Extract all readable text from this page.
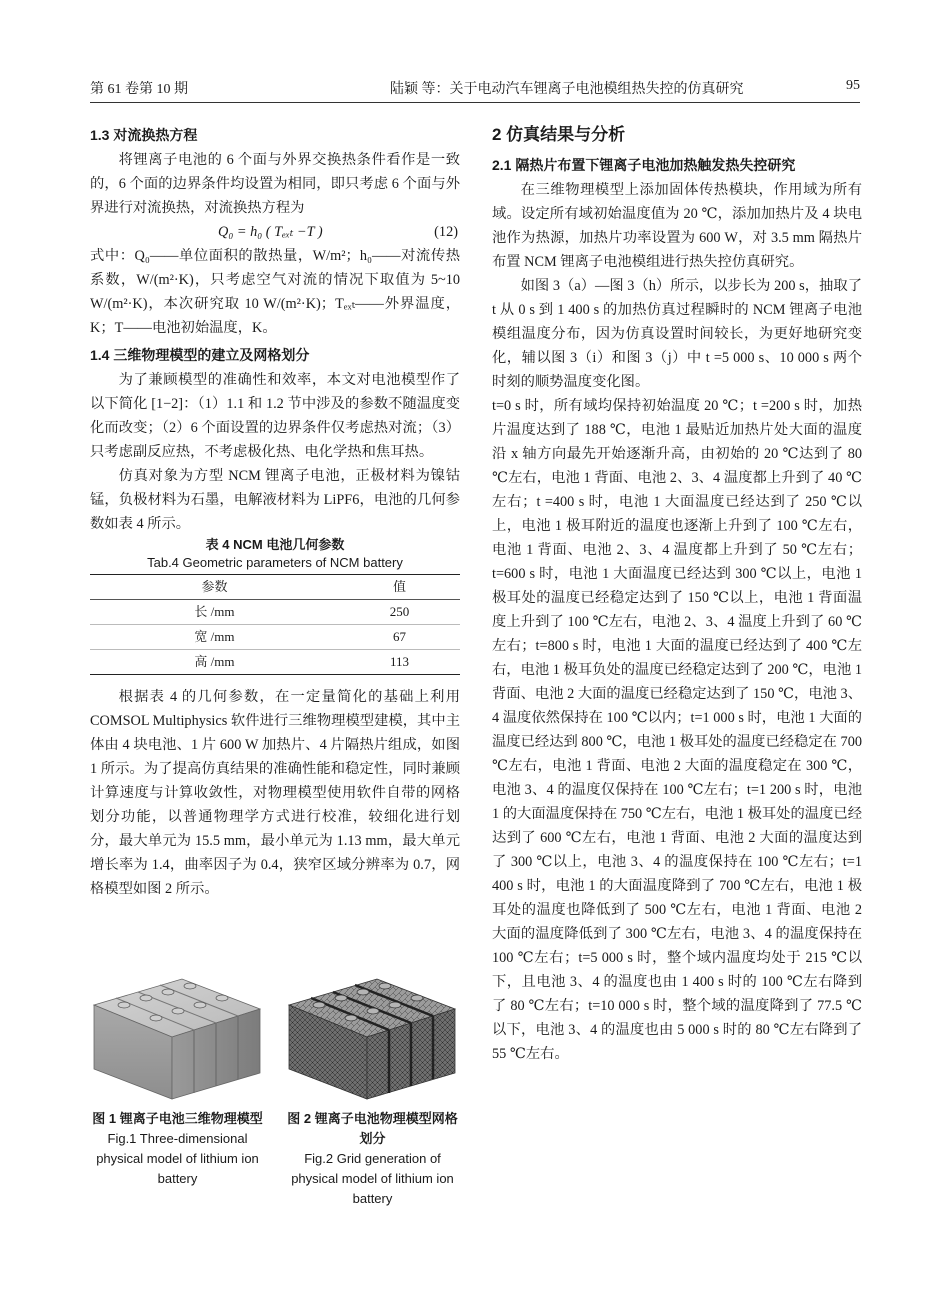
第 61 卷第 10 期	陆颖 等：关于电动汽车锂离子电池模组热失控的仿真研究	95
1.3 对流换热方程

将锂离子电池的 6 个面与外界交换热条件看作是一致的，6 个面的边界条件均设置为相同，即只考虑 6 个面与外界进行对流换热，对流换热方程为

Q₀ = h₀ ( Tₑₓₜ −T )	(12)

式中：Q₀——单位面积的散热量，W/m²；h₀——对流传热系数，W/(m²·K)，只考虑空气对流的情况下取值为 5~10 W/(m²·K)，本次研究取 10 W/(m²·K)；Tₑₓₜ——外界温度，K；T——电池初始温度，K。

1.4 三维物理模型的建立及网格划分

为了兼顾模型的准确性和效率，本文对电池模型作了以下简化 [1−2]：（1）1.1 和 1.2 节中涉及的参数不随温度变化而改变；（2）6 个面设置的边界条件仅考虑热对流；（3）只考虑副反应热，不考虑极化热、电化学热和焦耳热。

仿真对象为方型 NCM 锂离子电池，正极材料为镍钴锰，负极材料为石墨，电解液材料为 LiPF6，电池的几何参数如表 4 所示。

表 4 NCM 电池几何参数
Tab.4 Geometric parameters of NCM battery
参数	值
长 /mm	250
宽 /mm	67
高 /mm	113

根据表 4 的几何参数，在一定量简化的基础上利用 COMSOL Multiphysics 软件进行三维物理模型建模，其中主体由 4 块电池、1 片 600 W 加热片、4 片隔热片组成，如图 1 所示。为了提高仿真结果的准确性能和稳定性，同时兼顾计算速度与计算收敛性，对物理模型使用软件自带的网格划分功能，以普通物理学方式进行校准，较细化进行划分，最大单元为 15.5 mm，最小单元为 1.13 mm，最大单元增长率为 1.4，曲率因子为 0.4，狭窄区域分辨率为 0.7，网格模型如图 2 所示。

图 1 锂离子电池三维物理模型
Fig.1 Three-dimensional physical model of lithium ion battery
图 2 锂离子电池物理模型网格划分
Fig.2 Grid generation of physical model of lithium ion battery
2 仿真结果与分析
2.1 隔热片布置下锂离子电池加热触发热失控研究

在三维物理模型上添加固体传热模块，作用域为所有域。设定所有域初始温度值为 20 ℃，添加加热片及 4 块电池作为热源，加热片功率设置为 600 W，对 3.5 mm 隔热片布置 NCM 锂离子电池模组进行热失控仿真研究。

如图 3（a）—图 3（h）所示，以步长为 200 s，抽取了 t 从 0 s 到 1 400 s 的加热仿真过程瞬时的 NCM 锂离子电池模组温度分布，因为仿真设置时间较长，为更好地研究变化，辅以图 3（i）和图 3（j）中 t =5 000 s、10 000 s 两个时刻的顺势温度变化图。

t=0 s 时，所有域均保持初始温度 20 ℃；t =200 s 时，加热片温度达到了 188 ℃，电池 1 最贴近加热片处大面的温度沿 x 轴方向最先开始逐渐升高，由初始的 20 ℃达到了 80 ℃左右，电池 1 背面、电池 2、3、4 温度都上升到了 40 ℃左右；t =400 s 时，电池 1 大面温度已经达到了 250 ℃以上，电池 1 极耳附近的温度也逐渐上升到了 100 ℃左右，电池 1 背面、电池 2、3、4 温度都上升到了 50 ℃左右；t=600 s 时，电池 1 大面温度已经达到 300 ℃以上，电池 1 极耳处的温度已经稳定达到了 150 ℃以上，电池 1 背面温度上升到了 100 ℃左右，电池 2、3、4 温度上升到了 60 ℃左右；t=800 s 时，电池 1 大面的温度已经达到了 400 ℃左右，电池 1 极耳负处的温度已经稳定达到了 200 ℃，电池 1 背面、电池 2 大面的温度已经稳定达到了 150 ℃，电池 3、4 温度依然保持在 100 ℃以内；t=1 000 s 时，电池 1 大面的温度已经达到 800 ℃，电池 1 极耳处的温度已经稳定在 700 ℃左右，电池 1 背面、电池 2 大面的温度稳定在 300 ℃，电池 3、4 的温度仅保持在 100 ℃左右；t=1 200 s 时，电池 1 的大面温度保持在 750 ℃左右，电池 1 极耳处的温度已经达到了 600 ℃左右，电池 1 背面、电池 2 大面的温度达到了 300 ℃以上，电池 3、4 的温度保持在 100 ℃左右；t=1 400 s 时，电池 1 的大面温度降到了 700 ℃左右，电池 1 极耳处的温度也降低到了 500 ℃左右，电池 1 背面、电池 2 大面的温度降低到了 300 ℃左右，电池 3、4 的温度保持在 100 ℃左右；t=5 000 s 时，整个域内温度均处于 215 ℃以下，且电池 3、4 的温度也由 1 400 s 时的 100 ℃左右降到了 80 ℃左右；t=10 000 s 时，整个域的温度降到了 77.5 ℃以下，电池 3、4 的温度也由 5 000 s 时的 80 ℃左右降到了 55 ℃左右。
